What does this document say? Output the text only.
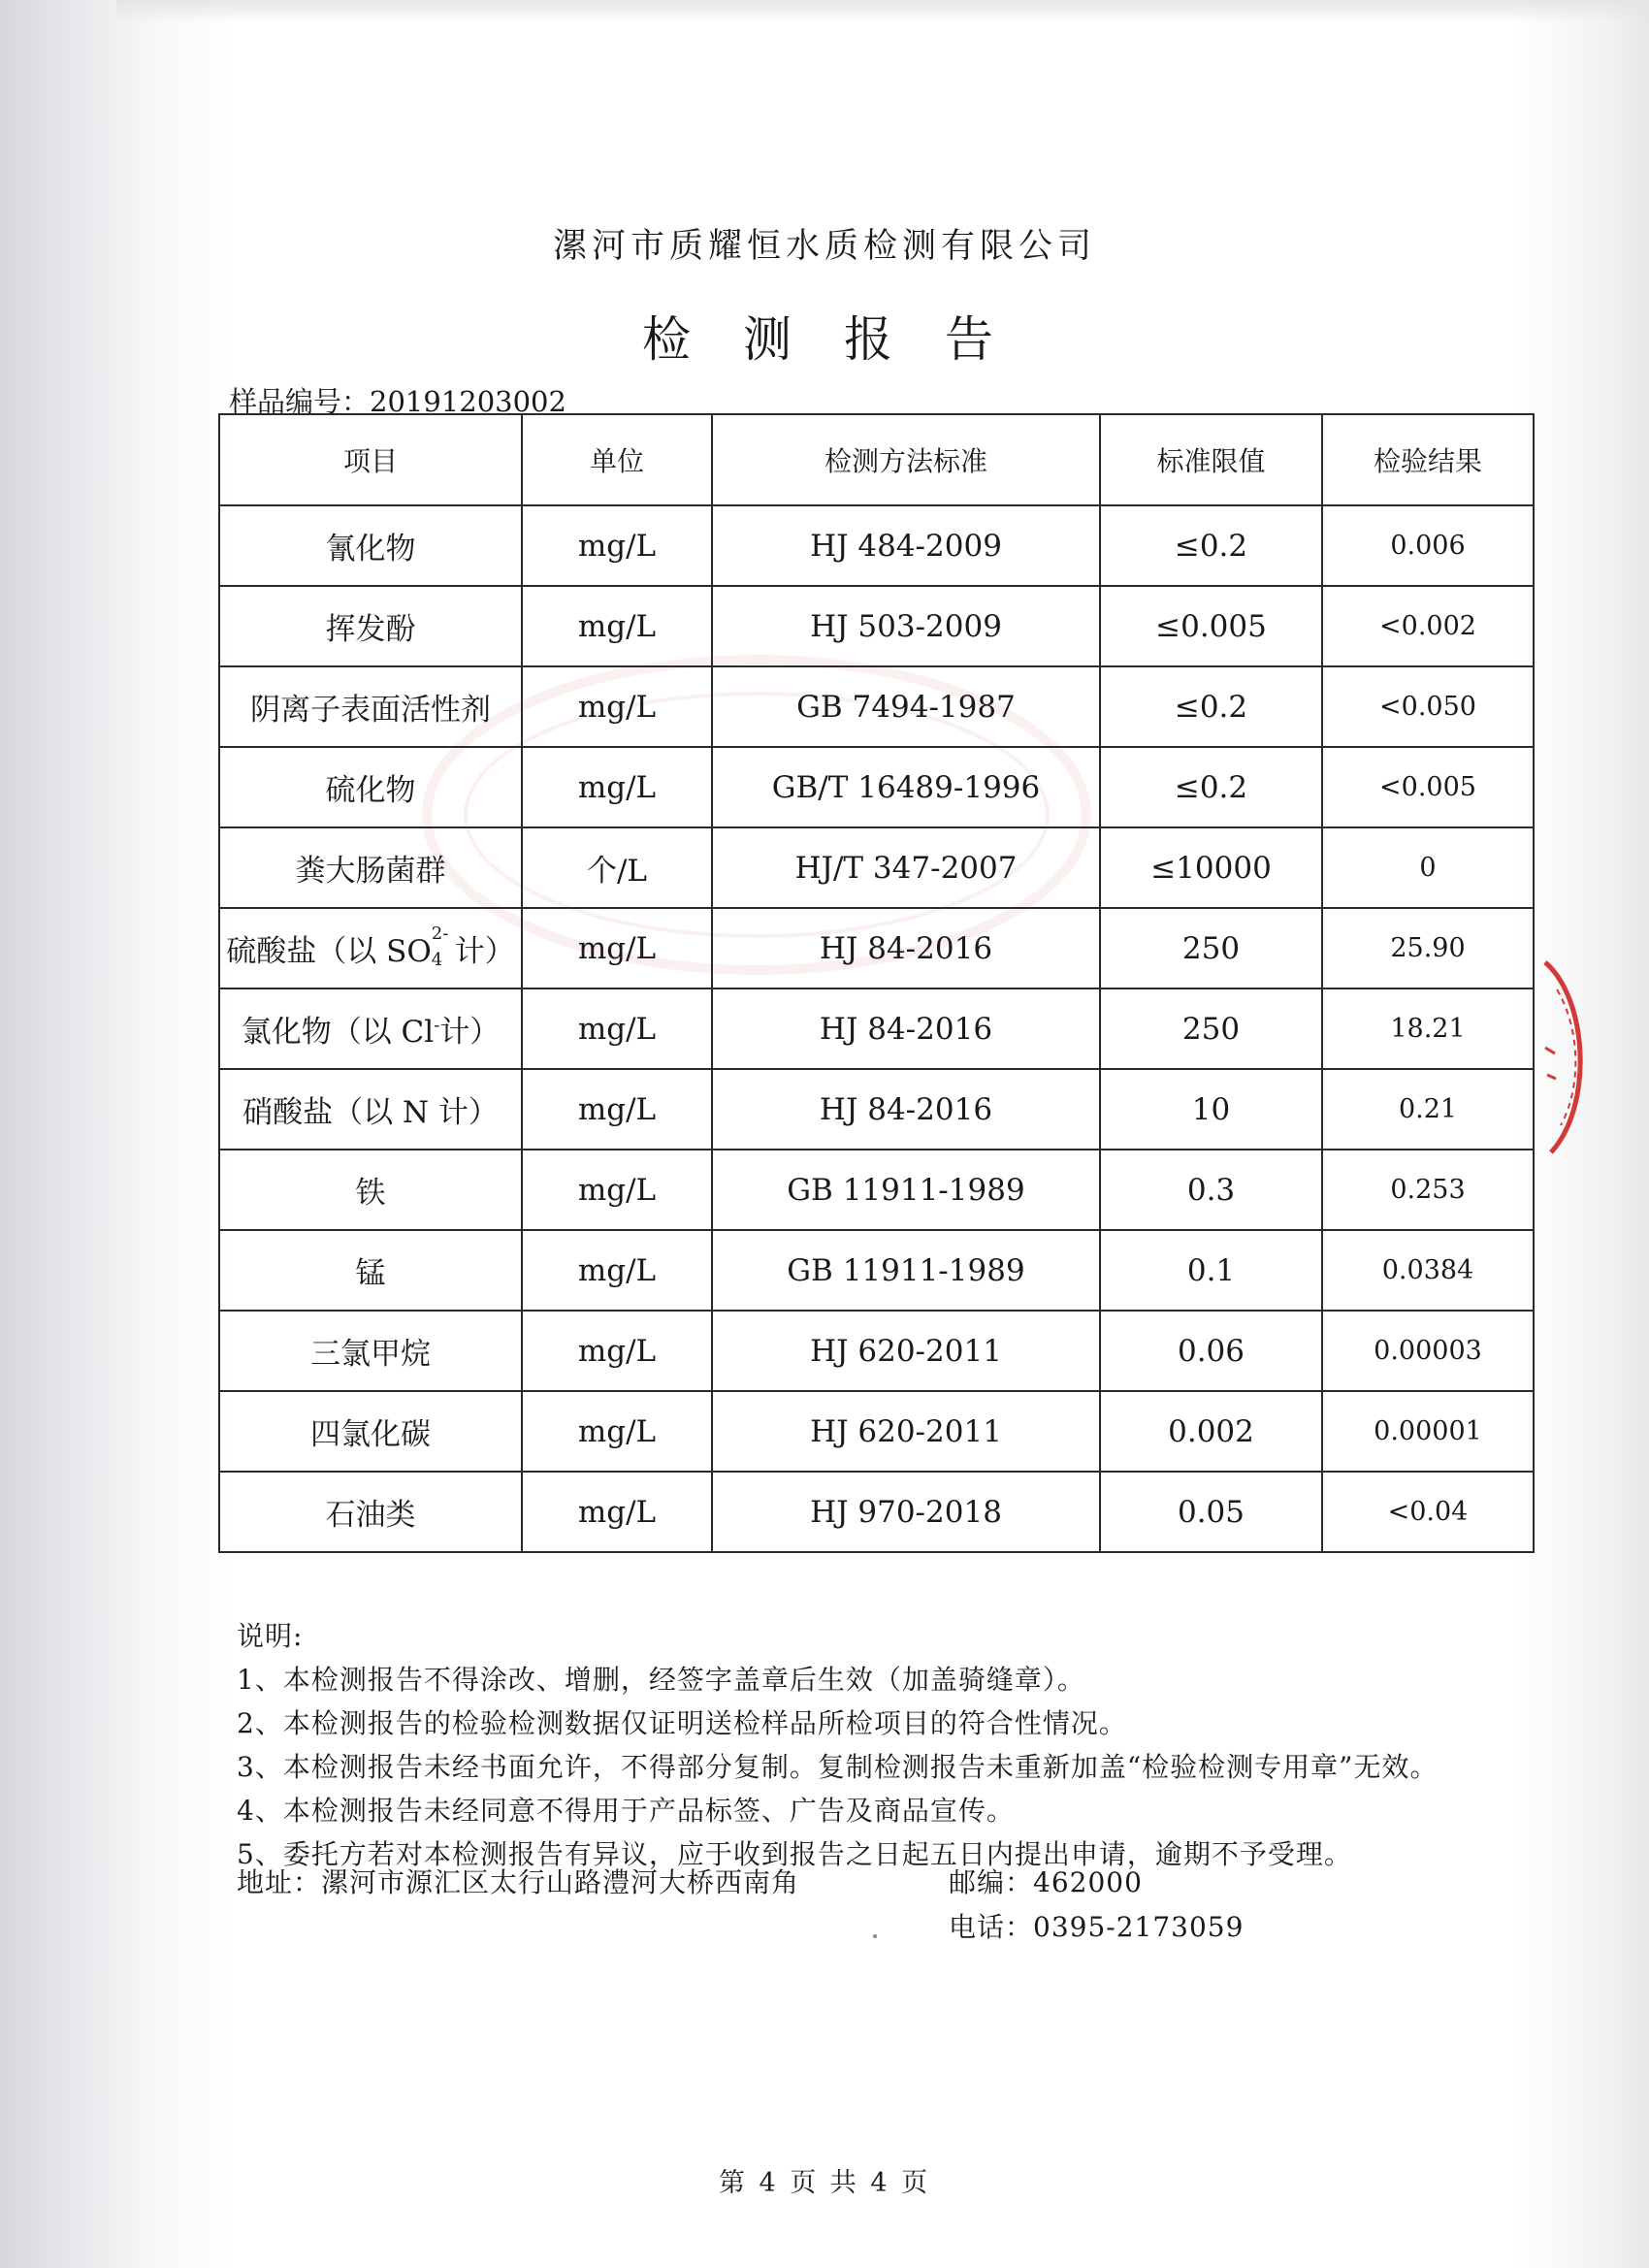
漯河市质耀恒水质检测有限公司
检测报告
样品编号：20191203002
项目	单位	检测方法标准	标准限值	检验结果
氰化物	mg/L	HJ 484-2009	≤0.2	0.006
挥发酚	mg/L	HJ 503-2009	≤0.005	<0.002
阴离子表面活性剂	mg/L	GB 7494-1987	≤0.2	<0.050
硫化物	mg/L	GB/T 16489-1996	≤0.2	<0.005
粪大肠菌群	个/L	HJ/T 347-2007	≤10000	0
硫酸盐（以 SO 4
2-
计）	mg/L	HJ 84-2016	250	25.90
氯化物（以 Cl-计）	mg/L	HJ 84-2016	250	18.21
硝酸盐（以 N 计）	mg/L	HJ 84-2016	10	0.21
铁	mg/L	GB 11911-1989	0.3	0.253
锰	mg/L	GB 11911-1989	0.1	0.0384
三氯甲烷	mg/L	HJ 620-2011	0.06	0.00003
四氯化碳	mg/L	HJ 620-2011	0.002	0.00001
石油类	mg/L	HJ 970-2018	0.05	<0.04
说明:
1、本检测报告不得涂改、增删，经签字盖章后生效（加盖骑缝章）。
2、本检测报告的检验检测数据仅证明送检样品所检项目的符合性情况。
3、本检测报告未经书面允许，不得部分复制。复制检测报告未重新加盖“检验检测专用章”无效。
4、本检测报告未经同意不得用于产品标签、广告及商品宣传。
5、委托方若对本检测报告有异议，应于收到报告之日起五日内提出申请，逾期不予受理。
地址：漯河市源汇区太行山路澧河大桥西南角	邮编：462000
电话：0395-2173059
第 4 页 共 4 页
